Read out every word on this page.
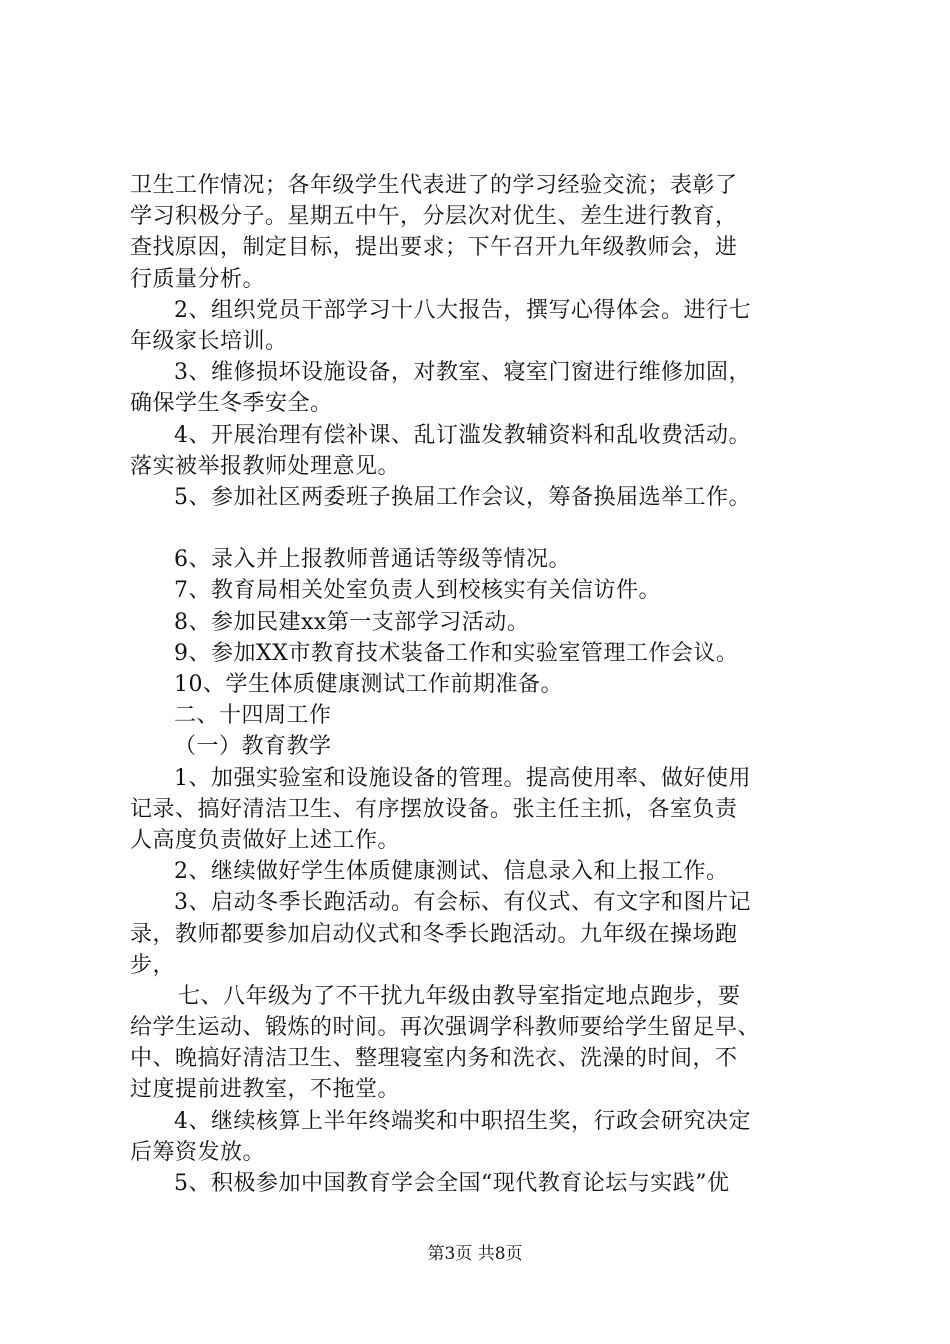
卫生工作情况；各年级学生代表进了的学习经验交流；表彰了
学习积极分子。星期五中午，分层次对优生、差生进行教育，
查找原因，制定目标，提出要求；下午召开九年级教师会，进
行质量分析。
2、组织党员干部学习十八大报告，撰写心得体会。进行七
年级家长培训。
3、维修损坏设施设备，对教室、寝室门窗进行维修加固，
确保学生冬季安全。
4、开展治理有偿补课、乱订滥发教辅资料和乱收费活动。
落实被举报教师处理意见。
5、参加社区两委班子换届工作会议，筹备换届选举工作。
6、录入并上报教师普通话等级等情况。
7、教育局相关处室负责人到校核实有关信访件。
8、参加民建xx第一支部学习活动。
9、参加XX市教育技术装备工作和实验室管理工作会议。
10、学生体质健康测试工作前期准备。
二、十四周工作
（一）教育教学
1、加强实验室和设施设备的管理。提高使用率、做好使用
记录、搞好清洁卫生、有序摆放设备。张主任主抓，各室负责
人高度负责做好上述工作。
2、继续做好学生体质健康测试、信息录入和上报工作。
3、启动冬季长跑活动。有会标、有仪式、有文字和图片记
录，教师都要参加启动仪式和冬季长跑活动。九年级在操场跑
步，
七、八年级为了不干扰九年级由教导室指定地点跑步，要
给学生运动、锻炼的时间。再次强调学科教师要给学生留足早、
中、晚搞好清洁卫生、整理寝室内务和洗衣、洗澡的时间，不
过度提前进教室，不拖堂。
4、继续核算上半年终端奖和中职招生奖，行政会研究决定
后筹资发放。
5、积极参加中国教育学会全国“现代教育论坛与实践”优
第3页 共8页
